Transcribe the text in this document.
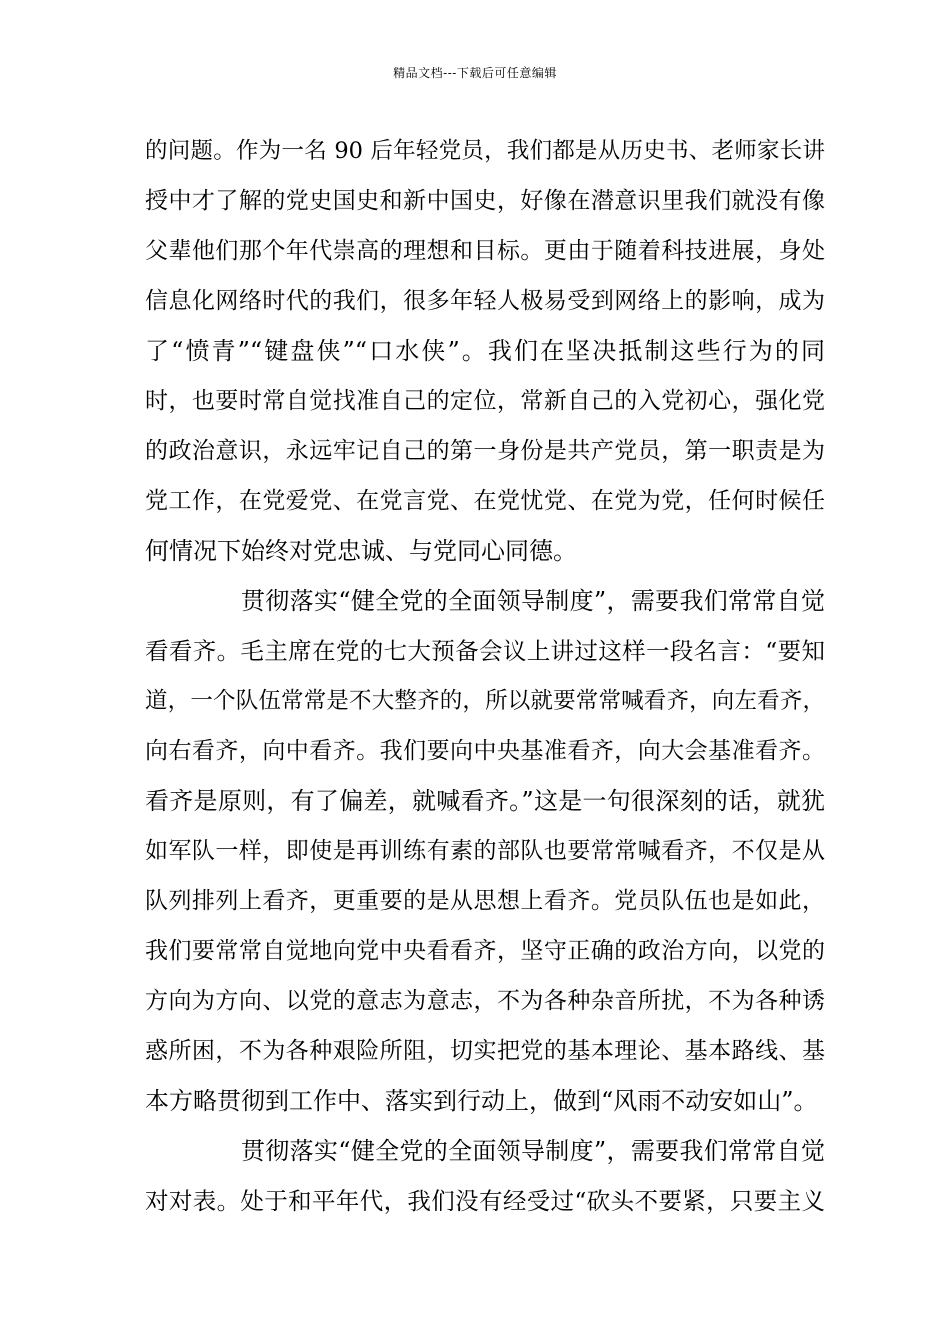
精品文档---下载后可任意编辑
的问题。作为一名 90 后年轻党员，我们都是从历史书、老师家长讲
授中才了解的党史国史和新中国史，好像在潜意识里我们就没有像
父辈他们那个年代崇高的理想和目标。更由于随着科技进展，身处
信息化网络时代的我们，很多年轻人极易受到网络上的影响，成为
了“愤青”“键盘侠”“口水侠”。我们在坚决抵制这些行为的同
时，也要时常自觉找准自己的定位，常新自己的入党初心，强化党
的政治意识，永远牢记自己的第一身份是共产党员，第一职责是为
党工作，在党爱党、在党言党、在党忧党、在党为党，任何时候任
何情况下始终对党忠诚、与党同心同德。
贯彻落实“健全党的全面领导制度”，需要我们常常自觉
看看齐。毛主席在党的七大预备会议上讲过这样一段名言：“要知
道，一个队伍常常是不大整齐的，所以就要常常喊看齐，向左看齐，
向右看齐，向中看齐。我们要向中央基准看齐，向大会基准看齐。
看齐是原则，有了偏差，就喊看齐。”这是一句很深刻的话，就犹
如军队一样，即使是再训练有素的部队也要常常喊看齐，不仅是从
队列排列上看齐，更重要的是从思想上看齐。党员队伍也是如此，
我们要常常自觉地向党中央看看齐，坚守正确的政治方向，以党的
方向为方向、以党的意志为意志，不为各种杂音所扰，不为各种诱
惑所困，不为各种艰险所阻，切实把党的基本理论、基本路线、基
本方略贯彻到工作中、落实到行动上，做到“风雨不动安如山”。
贯彻落实“健全党的全面领导制度”，需要我们常常自觉
对对表。处于和平年代，我们没有经受过“砍头不要紧，只要主义
